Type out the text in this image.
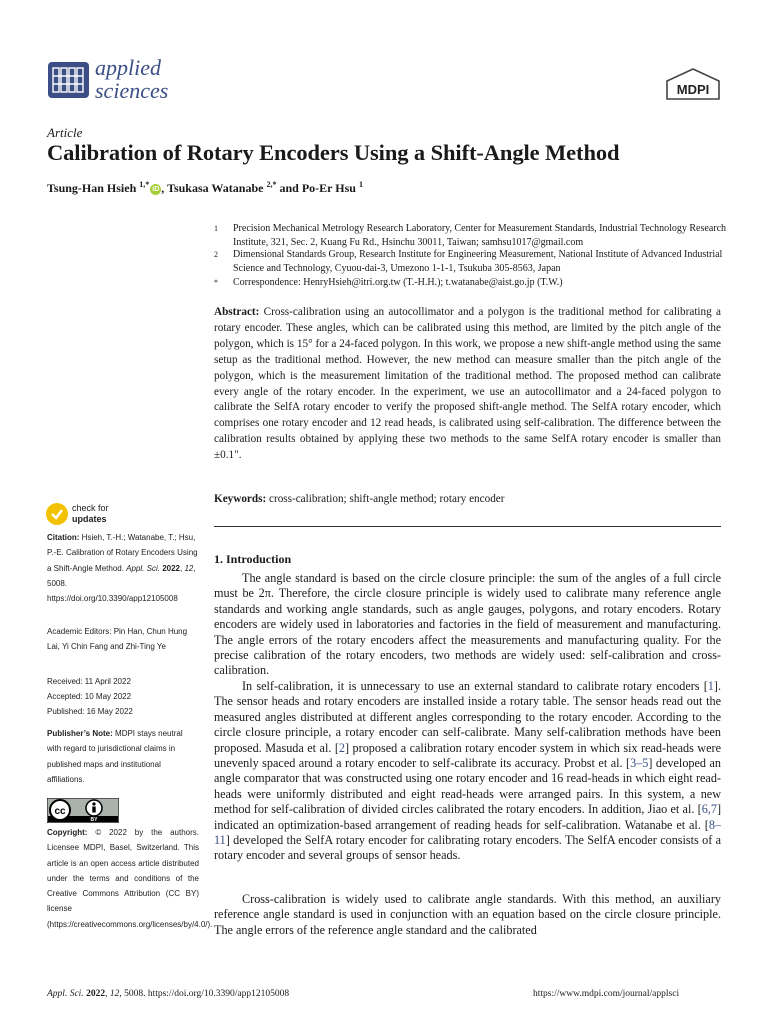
applied
sciences	MDPI
Article
Calibration of Rotary Encoders Using a Shift-Angle Method
Tsung-Han Hsieh $^{1,*}$iD , Tsukasa Watanabe $^{2,*}$ and Po-Er Hsu $^1$
1 Precision Mechanical Metrology Research Laboratory, Center for Measurement Standards, Industrial Technology Research Institute, 321, Sec. 2, Kuang Fu Rd., Hsinchu 30011, Taiwan; samhsu1017@gmail.com
2 Dimensional Standards Group, Research Institute for Engineering Measurement, National Institute of Advanced Industrial Science and Technology, Cyuou-dai-3, Umezono 1-1-1, Tsukuba 305-8563, Japan
* Correspondence: HenryHsieh@itri.org.tw (T.-H.H.); t.watanabe@aist.go.jp (T.W.)
Abstract: Cross-calibration using an autocollimator and a polygon is the traditional method for calibrating a rotary encoder. These angles, which can be calibrated using this method, are limited by the pitch angle of the polygon, which is 15° for a 24-faced polygon. In this work, we propose a new shift-angle method using the same setup as the traditional method. However, the new method can measure smaller than the pitch angle of the polygon, which is the measurement limitation of the traditional method. The proposed method can calibrate every angle of the rotary encoder. In the experiment, we use an autocollimator and a 24-faced polygon to calibrate the SelfA rotary encoder to verify the proposed shift-angle method. The SelfA rotary encoder, which comprises one rotary encoder and 12 read heads, is calibrated using self-calibration. The difference between the calibration results obtained by applying these two methods to the same SelfA rotary encoder is smaller than ±0.1".
Keywords: cross-calibration; shift-angle method; rotary encoder
check for
updates
Citation: Hsieh, T.-H.; Watanabe, T.; Hsu, P.-E. Calibration of Rotary Encoders Using a Shift-Angle Method. Appl. Sci. 2022, 12, 5008. https://doi.org/10.3390/app12105008
Academic Editors: Pin Han, Chun Hung Lai, Yi Chin Fang and Zhi-Ting Ye
Received: 11 April 2022
Accepted: 10 May 2022
Published: 16 May 2022
Publisher’s Note: MDPI stays neutral with regard to jurisdictional claims in published maps and institutional affiliations.
cc
BY
Copyright: © 2022 by the authors. Licensee MDPI, Basel, Switzerland. This article is an open access article distributed under the terms and conditions of the Creative Commons Attribution (CC BY) license (https://creativecommons.org/licenses/by/4.0/).
1. Introduction
The angle standard is based on the circle closure principle: the sum of the angles of a full circle must be 2π. Therefore, the circle closure principle is widely used to calibrate many reference angle standards and working angle standards, such as angle gauges, polygons, and rotary encoders. Rotary encoders are widely used in laboratories and factories in the field of measurement and manufacturing. The angle errors of the rotary encoders affect the measurements and manufacturing quality. For the precise calibration of the rotary encoders, two methods are widely used: self-calibration and cross-calibration.
In self-calibration, it is unnecessary to use an external standard to calibrate rotary encoders [1]. The sensor heads and rotary encoders are installed inside a rotary table. The sensor heads read out the measured angles distributed at different angles corresponding to the rotary encoder. According to the circle closure principle, a rotary encoder can self-calibrate. Many self-calibration methods have been proposed. Masuda et al. [2] proposed a calibration rotary encoder system in which six read-heads were unevenly spaced around a rotary encoder to self-calibrate its accuracy. Probst et al. [3–5] developed an angle comparator that was constructed using one rotary encoder and 16 read-heads in which eight read-heads were uniformly distributed and eight read-heads were arranged pairs. In this system, a new method for self-calibration of divided circles calibrated the rotary encoders. In addition, Jiao et al. [6,7] indicated an optimization-based arrangement of reading heads for self-calibration. Watanabe et al. [8–11] developed the SelfA rotary encoder for calibrating rotary encoders. The SelfA encoder consists of a rotary encoder and several groups of sensor heads.
Cross-calibration is widely used to calibrate angle standards. With this method, an auxiliary reference angle standard is used in conjunction with an equation based on the circle closure principle. The angle errors of the reference angle standard and the calibrated
Appl. Sci. 2022, 12, 5008. https://doi.org/10.3390/app12105008	https://www.mdpi.com/journal/applsci
